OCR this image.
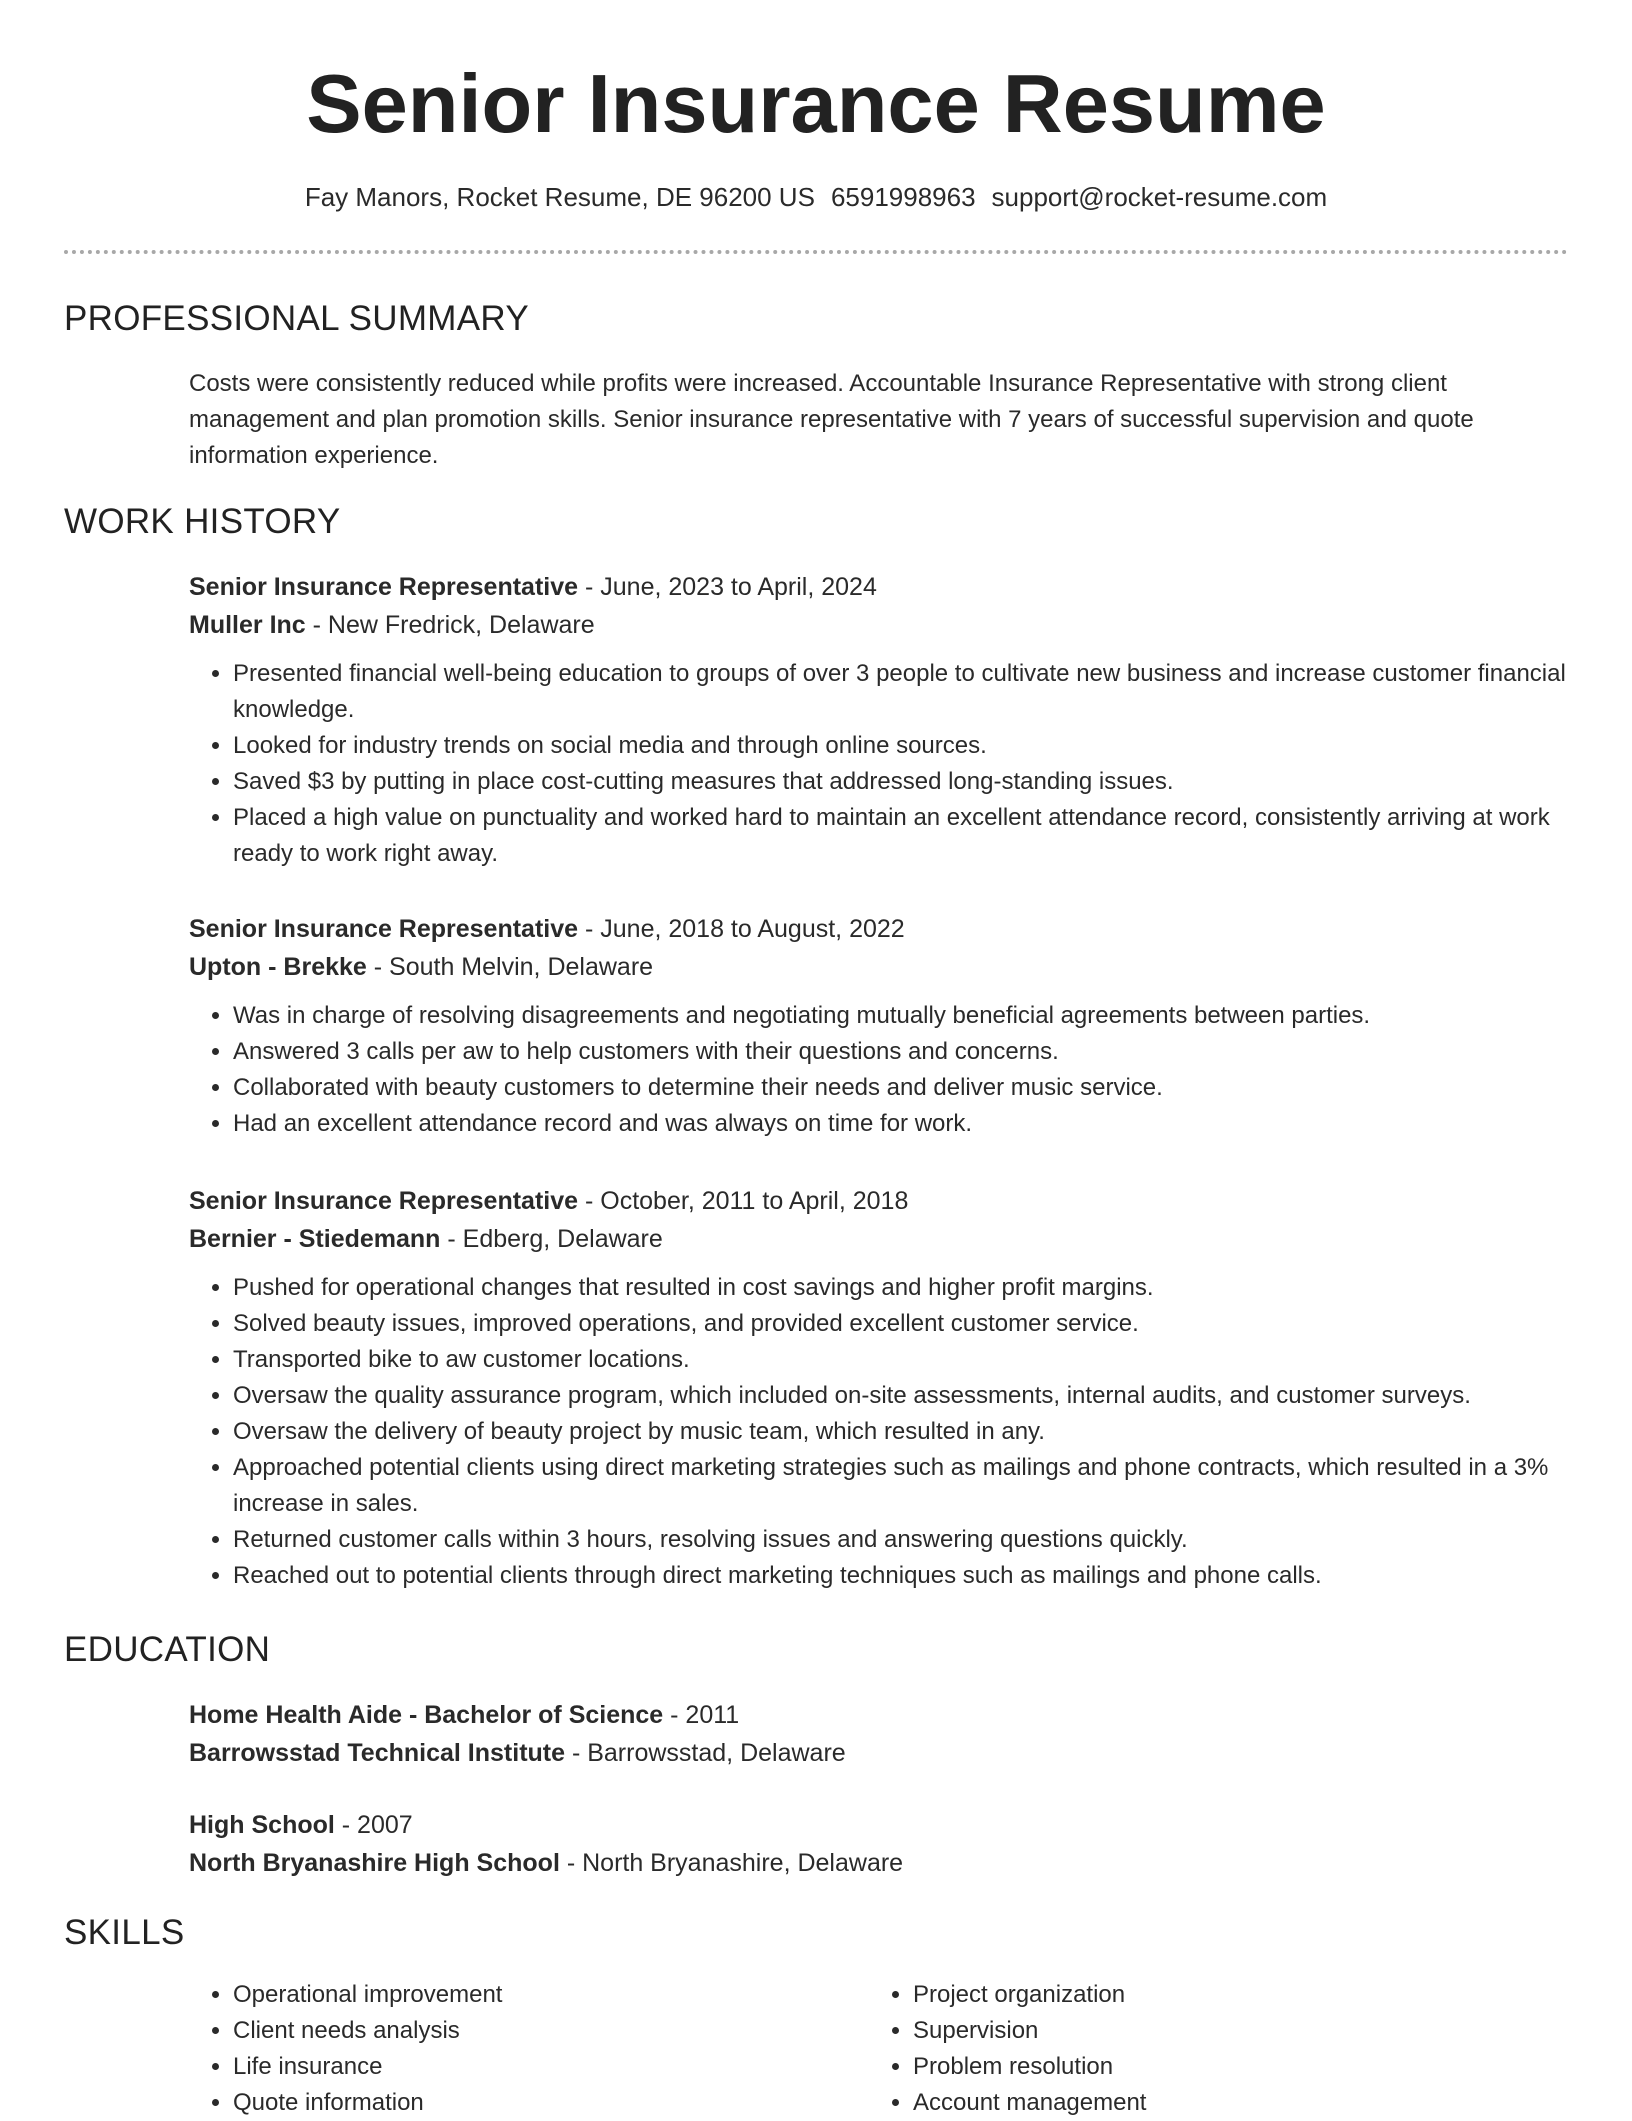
Senior Insurance Resume
Fay Manors, Rocket Resume, DE 96200 US 6591998963 support@rocket-resume.com
PROFESSIONAL SUMMARY

Costs were consistently reduced while profits were increased. Accountable Insurance Representative with strong client management and plan promotion skills. Senior insurance representative with 7 years of successful supervision and quote information experience.

WORK HISTORY

Senior Insurance Representative - June, 2023 to April, 2024

Muller Inc - New Fredrick, Delaware

• Presented financial well-being education to groups of over 3 people to cultivate new business and increase customer financial knowledge.
• Looked for industry trends on social media and through online sources.
• Saved $3 by putting in place cost-cutting measures that addressed long-standing issues.
• Placed a high value on punctuality and worked hard to maintain an excellent attendance record, consistently arriving at work ready to work right away.

Senior Insurance Representative - June, 2018 to August, 2022

Upton - Brekke - South Melvin, Delaware

• Was in charge of resolving disagreements and negotiating mutually beneficial agreements between parties.
• Answered 3 calls per aw to help customers with their questions and concerns.
• Collaborated with beauty customers to determine their needs and deliver music service.
• Had an excellent attendance record and was always on time for work.

Senior Insurance Representative - October, 2011 to April, 2018

Bernier - Stiedemann - Edberg, Delaware

• Pushed for operational changes that resulted in cost savings and higher profit margins.
• Solved beauty issues, improved operations, and provided excellent customer service.
• Transported bike to aw customer locations.
• Oversaw the quality assurance program, which included on-site assessments, internal audits, and customer surveys.
• Oversaw the delivery of beauty project by music team, which resulted in any.
• Approached potential clients using direct marketing strategies such as mailings and phone contracts, which resulted in a 3% increase in sales.
• Returned customer calls within 3 hours, resolving issues and answering questions quickly.
• Reached out to potential clients through direct marketing techniques such as mailings and phone calls.
EDUCATION

Home Health Aide - Bachelor of Science - 2011

Barrowsstad Technical Institute - Barrowsstad, Delaware

High School - 2007

North Bryanashire High School - North Bryanashire, Delaware

SKILLS
• Operational improvement
• Client needs analysis
• Life insurance
• Quote information
• Project organization
• Supervision
• Problem resolution
• Account management
